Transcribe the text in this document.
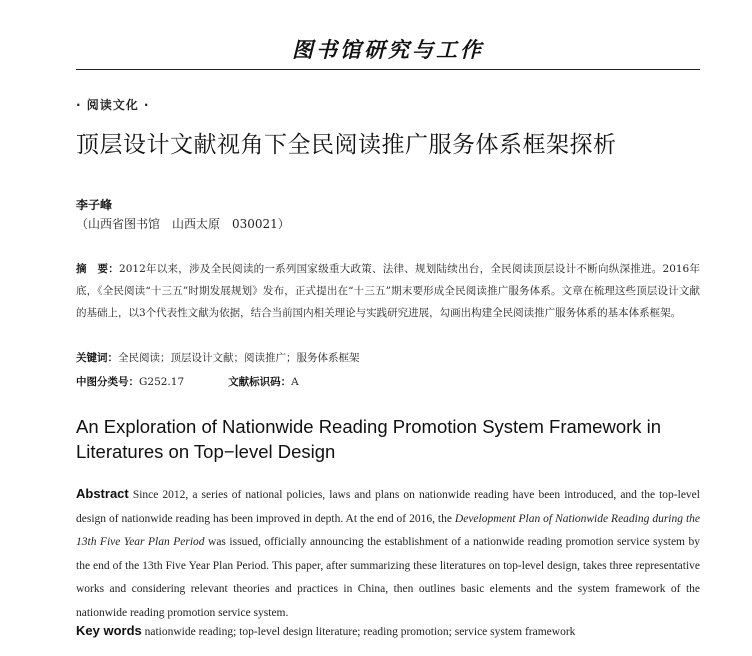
图书馆研究与工作
· 阅读文化 ·
顶层设计文献视角下全民阅读推广服务体系框架探析
李子峰
（山西省图书馆　山西太原　030021）
摘　要：2012年以来，涉及全民阅读的一系列国家级重大政策、法律、规划陆续出台，全民阅读顶层设计不断向纵深推进。2016年底，《全民阅读“十三五”时期发展规划》发布，正式提出在“十三五”期末要形成全民阅读推广服务体系。文章在梳理这些顶层设计文献的基础上，以3个代表性文献为依据，结合当前国内相关理论与实践研究进展，勾画出构建全民阅读推广服务体系的基本体系框架。
关键词：全民阅读；顶层设计文献；阅读推广；服务体系框架
中图分类号：G252.17	文献标识码：A
An Exploration of Nationwide Reading Promotion System Framework in Literatures on Top−level Design
Abstract Since 2012, a series of national policies, laws and plans on nationwide reading have been introduced, and the top-level design of nationwide reading has been improved in depth. At the end of 2016, the Development Plan of Nationwide Reading during the 13th Five Year Plan Period was issued, officially announcing the establishment of a nationwide reading promotion service system by the end of the 13th Five Year Plan Period. This paper, after summarizing these literatures on top-level design, takes three representative works and considering relevant theories and practices in China, then outlines basic elements and the system framework of the nationwide reading promotion service system.
Key words nationwide reading; top-level design literature; reading promotion; service system framework
